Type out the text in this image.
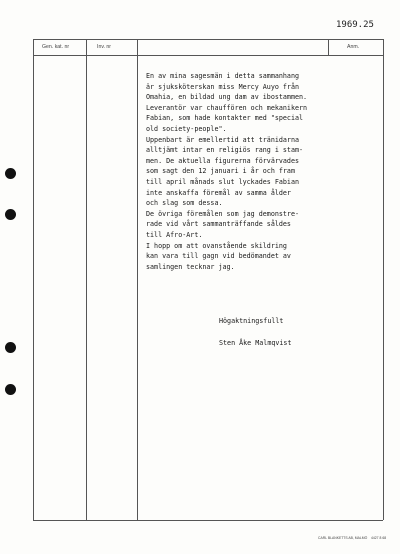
1969.25
Gen. kat. nr	Inv. nr	Anm.
En av mina sagesmän i detta sammanhang
är sjuksköterskan miss Mercy Auyo från
Omahia, en bildad ung dam av ibostammen.
Leverantör var chauffören och mekanikern
Fabian, som hade kontakter med "special
old society-people".
Uppenbart är emellertid att tränidarna
alltjämt intar en religiös rang i stam-
men. De aktuella figurerna förvärvades
som sagt den 12 januari i år och fram
till april månads slut lyckades Fabian
inte anskaffa föremål av samma ålder
och slag som dessa.
De övriga föremålen som jag demonstre-
rade vid vårt sammanträffande såldes
till Afro-Art.
I hopp om att ovanstående skildring
kan vara till gagn vid bedömandet av
samlingen tecknar jag.
Högaktningsfullt
Sten Åke Malmqvist
CARL BLANKETTS AB, MALMÖ    4427 8 68
